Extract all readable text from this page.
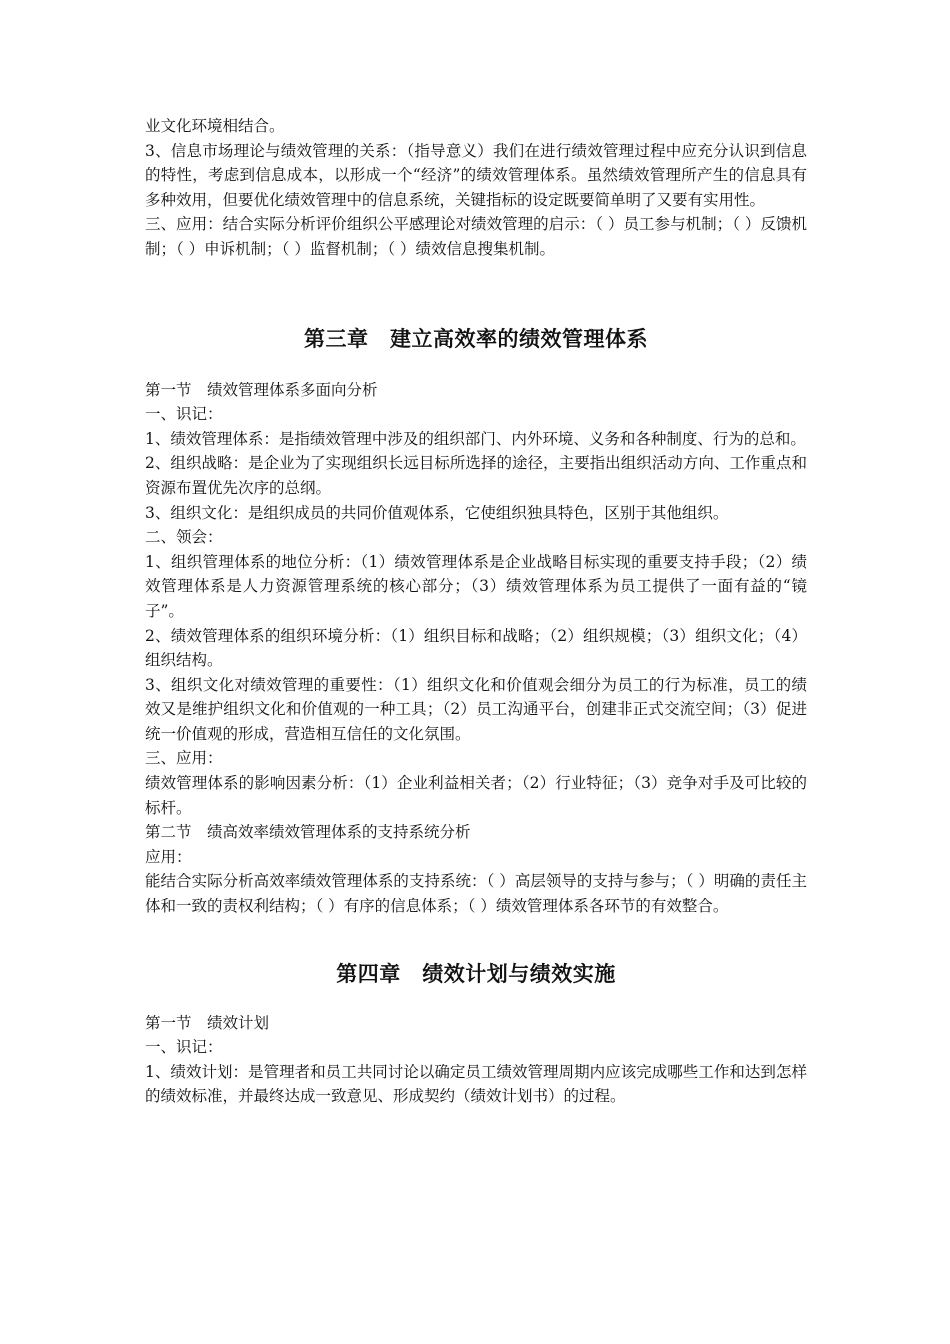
业文化环境相结合。

3、信息市场理论与绩效管理的关系：（指导意义）我们在进行绩效管理过程中应充分认识到信息的特性，考虑到信息成本，以形成一个“经济”的绩效管理体系。虽然绩效管理所产生的信息具有多种效用，但要优化绩效管理中的信息系统，关键指标的设定既要简单明了又要有实用性。

三、应用：结合实际分析评价组织公平感理论对绩效管理的启示：（ ）员工参与机制；（ ）反馈机制；（ ）申诉机制；（ ）监督机制；（ ）绩效信息搜集机制。

第三章　建立高效率的绩效管理体系

第一节　绩效管理体系多面向分析

一、识记：

1、绩效管理体系：是指绩效管理中涉及的组织部门、内外环境、义务和各种制度、行为的总和。

2、组织战略：是企业为了实现组织长远目标所选择的途径，主要指出组织活动方向、工作重点和资源布置优先次序的总纲。

3、组织文化：是组织成员的共同价值观体系，它使组织独具特色，区别于其他组织。

二、领会：

1、组织管理体系的地位分析：（1）绩效管理体系是企业战略目标实现的重要支持手段；（2）绩效管理体系是人力资源管理系统的核心部分；（3）绩效管理体系为员工提供了一面有益的“镜子”。

2、绩效管理体系的组织环境分析：（1）组织目标和战略；（2）组织规模；（3）组织文化；（4）组织结构。

3、组织文化对绩效管理的重要性：（1）组织文化和价值观会细分为员工的行为标准，员工的绩效又是维护组织文化和价值观的一种工具；（2）员工沟通平台，创建非正式交流空间；（3）促进统一价值观的形成，营造相互信任的文化氛围。

三、应用：

绩效管理体系的影响因素分析：（1）企业利益相关者；（2）行业特征；（3）竞争对手及可比较的标杆。

第二节　绩高效率绩效管理体系的支持系统分析

应用：

能结合实际分析高效率绩效管理体系的支持系统：（ ）高层领导的支持与参与；（ ）明确的责任主体和一致的责权利结构；（ ）有序的信息体系；（ ）绩效管理体系各环节的有效整合。

第四章　绩效计划与绩效实施

第一节　绩效计划

一、识记：

1、绩效计划：是管理者和员工共同讨论以确定员工绩效管理周期内应该完成哪些工作和达到怎样的绩效标准，并最终达成一致意见、形成契约（绩效计划书）的过程。
